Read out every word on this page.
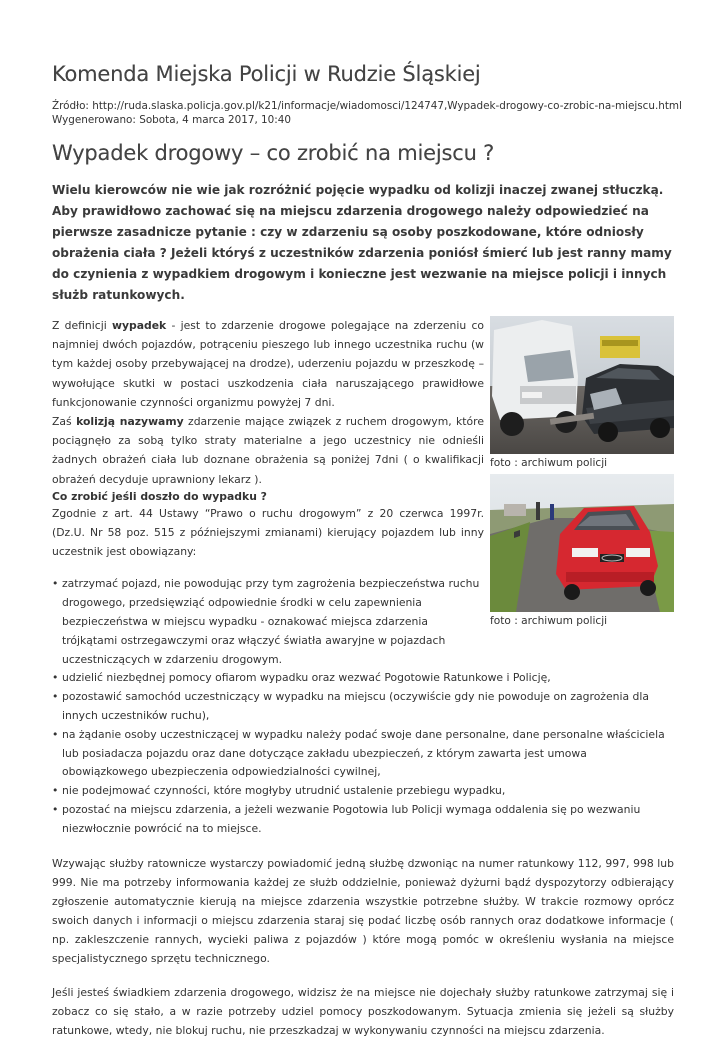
Komenda Miejska Policji w Rudzie Śląskiej
Źródło: http://ruda.slaska.policja.gov.pl/k21/informacje/wiadomosci/124747,Wypadek-drogowy-co-zrobic-na-miejscu.html
Wygenerowano: Sobota, 4 marca 2017, 10:40
Wypadek drogowy – co zrobić na miejscu ?

Wielu kierowców nie wie jak rozróżnić pojęcie wypadku od kolizji inaczej zwanej stłuczką. Aby prawidłowo zachować się na miejscu zdarzenia drogowego należy odpowiedzieć na pierwsze zasadnicze pytanie : czy w zdarzeniu są osoby poszkodowane, które odniosły obrażenia ciała ? Jeżeli któryś z uczestników zdarzenia poniósł śmierć lub jest ranny mamy do czynienia z wypadkiem drogowym i konieczne jest wezwanie na miejsce policji i innych służb ratunkowych.

foto : archiwum policji
foto : archiwum policji

Z definicji wypadek - jest to zdarzenie drogowe polegające na zderzeniu co najmniej dwóch pojazdów, potrąceniu pieszego lub innego uczestnika ruchu (w tym każdej osoby przebywającej na drodze), uderzeniu pojazdu w przeszkodę – wywołujące skutki w postaci uszkodzenia ciała naruszającego prawidłowe funkcjonowanie czynności organizmu powyżej 7 dni.

Zaś kolizją nazywamy zdarzenie mające związek z ruchem drogowym, które pociągnęło za sobą tylko straty materialne a jego uczestnicy nie odnieśli żadnych obrażeń ciała lub doznane obrażenia są poniżej 7dni ( o kwalifikacji obrażeń decyduje uprawniony lekarz ).

Co zrobić jeśli doszło do wypadku ?

Zgodnie z art. 44 Ustawy “Prawo o ruchu drogowym” z 20 czerwca 1997r. (Dz.U. Nr 58 poz. 515 z późniejszymi zmianami) kierujący pojazdem lub inny uczestnik jest obowiązany:

• zatrzymać pojazd, nie powodując przy tym zagrożenia bezpieczeństwa ruchu drogowego, przedsięwziąć odpowiednie środki w celu zapewnienia bezpieczeństwa w miejscu wypadku - oznakować miejsca zdarzenia trójkątami ostrzegawczymi oraz włączyć światła awaryjne w pojazdach uczestniczących w zdarzeniu drogowym.
• udzielić niezbędnej pomocy ofiarom wypadku oraz wezwać Pogotowie Ratunkowe i Policję,
• pozostawić samochód uczestniczący w wypadku na miejscu (oczywiście gdy nie powoduje on zagrożenia dla innych uczestników ruchu),
• na żądanie osoby uczestniczącej w wypadku należy podać swoje dane personalne, dane personalne właściciela lub posiadacza pojazdu oraz dane dotyczące zakładu ubezpieczeń, z którym zawarta jest umowa obowiązkowego ubezpieczenia odpowiedzialności cywilnej,
• nie podejmować czynności, które mogłyby utrudnić ustalenie przebiegu wypadku,
• pozostać na miejscu zdarzenia, a jeżeli wezwanie Pogotowia lub Policji wymaga oddalenia się po wezwaniu niezwłocznie powrócić na to miejsce.

Wzywając służby ratownicze wystarczy powiadomić jedną służbę dzwoniąc na numer ratunkowy 112, 997, 998 lub 999. Nie ma potrzeby informowania każdej ze służb oddzielnie, ponieważ dyżurni bądź dyspozytorzy odbierający zgłoszenie automatycznie kierują na miejsce zdarzenia wszystkie potrzebne służby. W trakcie rozmowy oprócz swoich danych i informacji o miejscu zdarzenia staraj się podać liczbę osób rannych oraz dodatkowe informacje ( np. zakleszczenie rannych, wycieki paliwa z pojazdów ) które mogą pomóc w określeniu wysłania na miejsce specjalistycznego sprzętu technicznego.

Jeśli jesteś świadkiem zdarzenia drogowego, widzisz że na miejsce nie dojechały służby ratunkowe zatrzymaj się i zobacz co się stało, a w razie potrzeby udziel pomocy poszkodowanym. Sytuacja zmienia się jeżeli są służby ratunkowe, wtedy, nie blokuj ruchu, nie przeszkadzaj w wykonywaniu czynności na miejscu zdarzenia.
